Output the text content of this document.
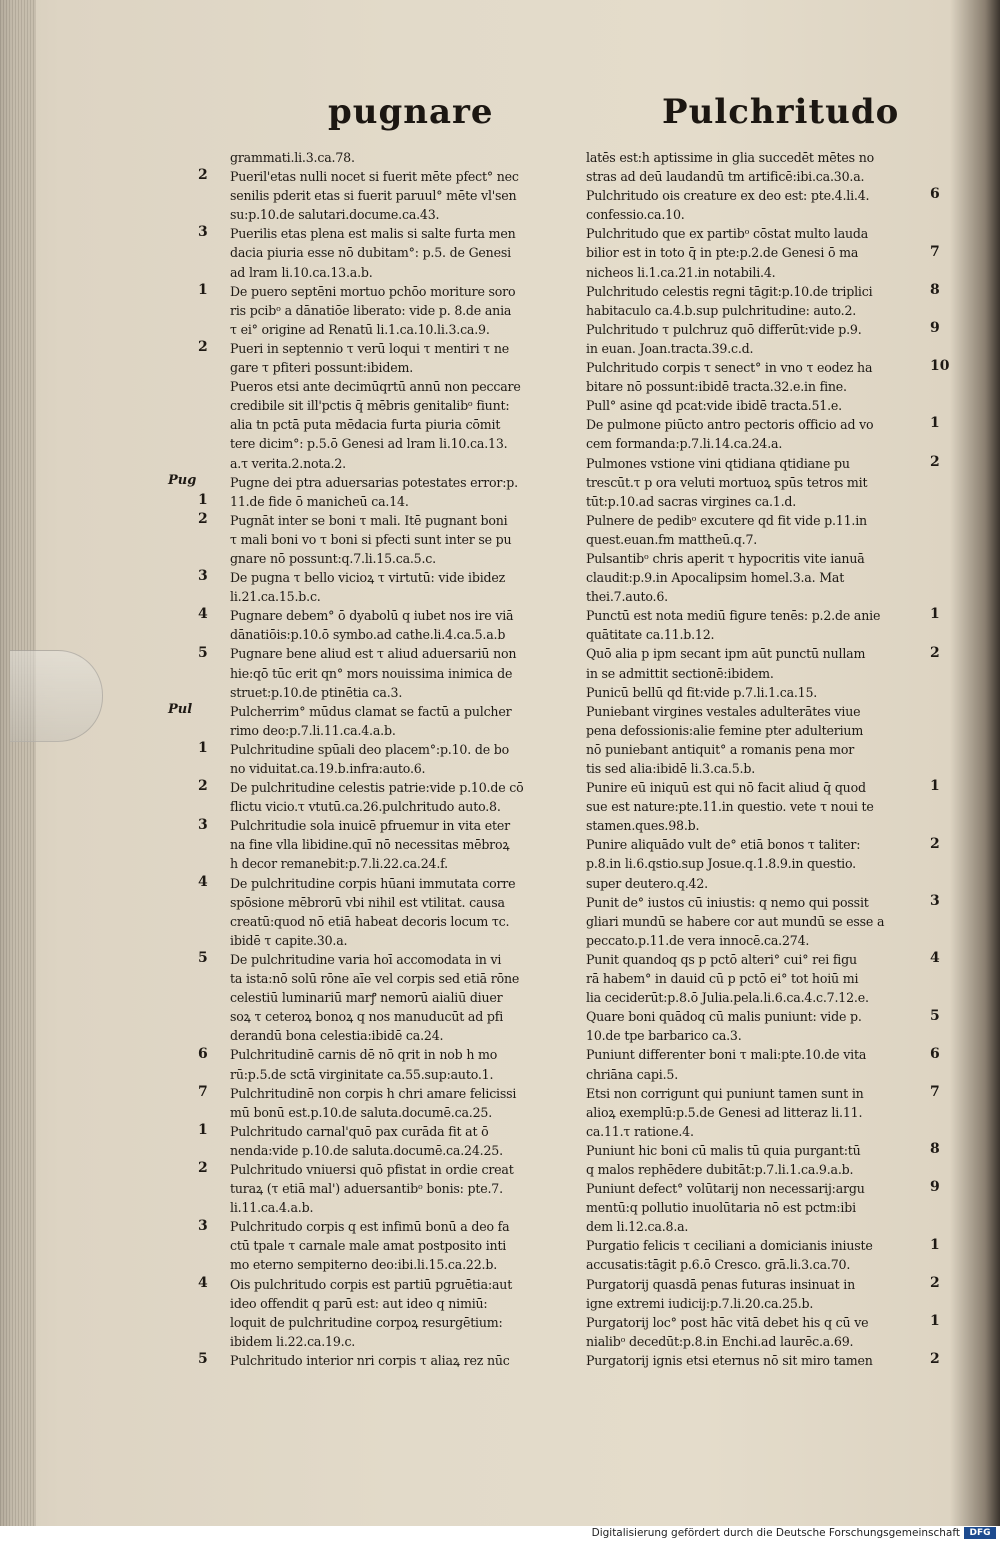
pugnare	Pulchritudo
2
3
1
2
Pug
1
2
3
4
5
Pul
1
2
3
4
5
6
7
1
2
3
4
5
grammati.li.3.ca.78.
Pueril'etas nulli nocet si fuerit mēte pfect° nec
senilis pderit etas si fuerit paruul° mēte vl'sen
su:p.10.de salutari.docume.ca.43.
Puerilis etas plena est malis si salte furta men
dacia piuria esse nō dubitam°: p.5. de Genesi
ad lram li.10.ca.13.a.b.
De puero septēni mortuo pchōo moriture soro
ris pcibᵒ a dānatiōe liberato: vide p. 8.de ania
τ ei° origine ad Renatū li.1.ca.10.li.3.ca.9.
Pueri in septennio τ verū loqui τ mentiri τ ne
gare τ pfiteri possunt:ibidem.
Pueros etsi ante decimūqrtū annū non peccare
credibile sit ill'pctis q̄ mēbris genitalibᵒ fiunt:
alia tn pctā puta mēdacia furta piuria cōmit
tere dicim°: p.5.ō Genesi ad lram li.10.ca.13.
a.τ verita.2.nota.2.
Pugne dei ptra aduersarias potestates error:p.
11.de fide ō manicheū ca.14.
Pugnāt inter se boni τ mali. Itē pugnant boni
τ mali boni vo τ boni si pfecti sunt inter se pu
gnare nō possunt:q.7.li.15.ca.5.c.
De pugna τ bello vicioꝝ τ virtutū: vide ibidez
li.21.ca.15.b.c.
Pugnare debem° ō dyabolū q iubet nos ire viā
dānatiōis:p.10.ō symbo.ad cathe.li.4.ca.5.a.b
Pugnare bene aliud est τ aliud aduersariū non
hie:qō tūc erit qn° mors nouissima inimica de
struet:p.10.de ptinētia ca.3.
Pulcherrim° mūdus clamat se factū a pulcher
rimo deo:p.7.li.11.ca.4.a.b.
Pulchritudine spūali deo placem°:p.10. de bo
no viduitat.ca.19.b.infra:auto.6.
De pulchritudine celestis patrie:vide p.10.de cō
flictu vicio.τ vtutū.ca.26.pulchritudo auto.8.
Pulchritudie sola inuicē pfruemur in vita eter
na fine vlla libidine.quī nō necessitas mēbroꝝ
h decor remanebit:p.7.li.22.ca.24.f.
De pulchritudine corpis hūani immutata corre
spōsione mēbrorū vbi nihil est vtilitat. causa
creatū:quod nō etiā habeat decoris locum τc.
ibidē τ capite.30.a.
De pulchritudine varia hoī accomodata in vi
ta ista:nō solū rōne aīe vel corpis sed etiā rōne
celestiū luminariū marꝭ nemorū aialiū diuer
soꝝ τ ceteroꝝ bonoꝝ q nos manuducūt ad pfi
derandū bona celestia:ibidē ca.24.
Pulchritudinē carnis dē nō qrit in nob h mo
rū:p.5.de sctā virginitate ca.55.sup:auto.1.
Pulchritudinē non corpis h chri amare felicissi
mū bonū est.p.10.de saluta.documē.ca.25.
Pulchritudo carnal'quō pax curāda fit at ō
nenda:vide p.10.de saluta.documē.ca.24.25.
Pulchritudo vniuersi quō pfistat in ordie creat
turaꝝ (τ etiā mal') aduersantibᵒ bonis: pte.7.
li.11.ca.4.a.b.
Pulchritudo corpis q est infimū bonū a deo fa
ctū tpale τ carnale male amat postposito inti
mo eterno sempiterno deo:ibi.li.15.ca.22.b.
Ois pulchritudo corpis est partiū pgruētia:aut
ideo offendit q parū est: aut ideo q nimiū:
loquit de pulchritudine corpoꝝ resurgētium:
ibidem li.22.ca.19.c.
Pulchritudo interior nri corpis τ aliaꝝ rez nūc
latēs est:h aptissime in glia succedēt mētes no
stras ad deū laudandū tm artificē:ibi.ca.30.a.
Pulchritudo ois creature ex deo est: pte.4.li.4.
confessio.ca.10.
Pulchritudo que ex partibᵒ cōstat multo lauda
bilior est in toto q̄ in pte:p.2.de Genesi ō ma
nicheos li.1.ca.21.in notabili.4.
Pulchritudo celestis regni tāgit:p.10.de triplici
habitaculo ca.4.b.sup pulchritudine: auto.2.
Pulchritudo τ pulchruz quō differūt:vide p.9.
in euan. Joan.tracta.39.c.d.
Pulchritudo corpis τ senect° in vno τ eodez ha
bitare nō possunt:ibidē tracta.32.e.in fine.
Pull° asine qd pcat:vide ibidē tracta.51.e.
De pulmone piūcto antro pectoris officio ad vo
cem formanda:p.7.li.14.ca.24.a.
Pulmones vstione vini qtidiana qtidiane pu
trescūt.τ p ora veluti mortuoꝝ spūs tetros mit
tūt:p.10.ad sacras virgines ca.1.d.
Pulnere de pedibᵒ excutere qd fit vide p.11.in
quest.euan.fm mattheū.q.7.
Pulsantibᵒ chris aperit τ hypocritis vite ianuā
claudit:p.9.in Apocalipsim homel.3.a. Mat
thei.7.auto.6.
Punctū est nota mediū figure tenēs: p.2.de anie
quātitate ca.11.b.12.
Quō alia p ipm secant ipm aūt punctū nullam
in se admittit sectionē:ibidem.
Punicū bellū qd fit:vide p.7.li.1.ca.15.
Puniebant virgines vestales adulterātes viue
pena defossionis:alie femine pter adulterium
nō puniebant antiquit° a romanis pena mor
tis sed alia:ibidē li.3.ca.5.b.
Punire eū iniquū est qui nō facit aliud q̄ quod
sue est nature:pte.11.in questio. vete τ noui te
stamen.ques.98.b.
Punire aliquādo vult de° etiā bonos τ taliter:
p.8.in li.6.qstio.sup Josue.q.1.8.9.in questio.
super deutero.q.42.
Punit de° iustos cū iniustis: q nemo qui possit
gliari mundū se habere cor aut mundū se esse a
peccato.p.11.de vera innocē.ca.274.
Punit quandoq qs p pctō alteri° cui° rei figu
rā habem° in dauid cū p pctō ei° tot hoiū mi
lia ceciderūt:p.8.ō Julia.pela.li.6.ca.4.c.7.12.e.
Quare boni quādoq cū malis puniunt: vide p.
10.de tpe barbarico ca.3.
Puniunt differenter boni τ mali:pte.10.de vita
chriāna capi.5.
Etsi non corrigunt qui puniunt tamen sunt in
alioꝝ exemplū:p.5.de Genesi ad litteraz li.11.
ca.11.τ ratione.4.
Puniunt hic boni cū malis tū quia purgant:tū
q malos rephēdere dubitāt:p.7.li.1.ca.9.a.b.
Puniunt defect° volūtarij non necessarij:argu
mentū:q pollutio inuolūtaria nō est pctm:ibi
dem li.12.ca.8.a.
Purgatio felicis τ ceciliani a domicianis iniuste
accusatis:tāgit p.6.ō Cresco. grā.li.3.ca.70.
Purgatorij quasdā penas futuras insinuat in
igne extremi iudicij:p.7.li.20.ca.25.b.
Purgatorij loc° post hāc vitā debet his q cū ve
nialibᵒ decedūt:p.8.in Enchi.ad laurēc.a.69.
Purgatorij ignis etsi eternus nō sit miro tamen
6
7
8
9
10
1
2
1
2
1
2
3
4
5
6
7
8
9
1
2
1
2
Digitalisierung gefördert durch die Deutsche Forschungsgemeinschaft	DFG
